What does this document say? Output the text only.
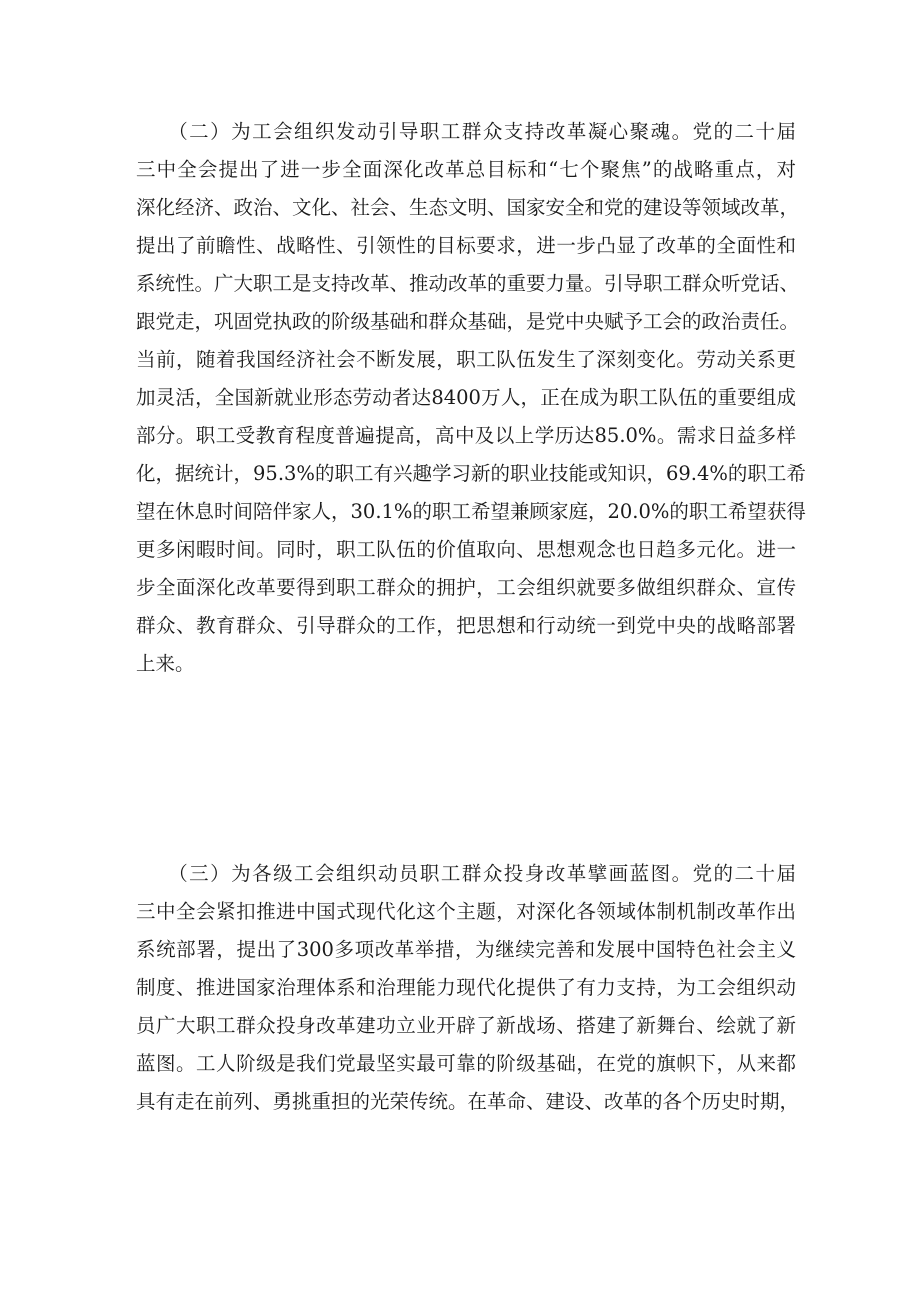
　　（二）为工会组织发动引导职工群众支持改革凝心聚魂。党的二十届
三中全会提出了进一步全面深化改革总目标和“七个聚焦”的战略重点，对
深化经济、政治、文化、社会、生态文明、国家安全和党的建设等领域改革，
提出了前瞻性、战略性、引领性的目标要求，进一步凸显了改革的全面性和
系统性。广大职工是支持改革、推动改革的重要力量。引导职工群众听党话、
跟党走，巩固党执政的阶级基础和群众基础，是党中央赋予工会的政治责任。
当前，随着我国经济社会不断发展，职工队伍发生了深刻变化。劳动关系更
加灵活，全国新就业形态劳动者达8400万人，正在成为职工队伍的重要组成
部分。职工受教育程度普遍提高，高中及以上学历达85.0%。需求日益多样
化，据统计，95.3%的职工有兴趣学习新的职业技能或知识，69.4%的职工希
望在休息时间陪伴家人，30.1%的职工希望兼顾家庭，20.0%的职工希望获得
更多闲暇时间。同时，职工队伍的价值取向、思想观念也日趋多元化。进一
步全面深化改革要得到职工群众的拥护，工会组织就要多做组织群众、宣传
群众、教育群众、引导群众的工作，把思想和行动统一到党中央的战略部署
上来。
　　（三）为各级工会组织动员职工群众投身改革擘画蓝图。党的二十届
三中全会紧扣推进中国式现代化这个主题，对深化各领域体制机制改革作出
系统部署，提出了300多项改革举措，为继续完善和发展中国特色社会主义
制度、推进国家治理体系和治理能力现代化提供了有力支持，为工会组织动
员广大职工群众投身改革建功立业开辟了新战场、搭建了新舞台、绘就了新
蓝图。工人阶级是我们党最坚实最可靠的阶级基础，在党的旗帜下，从来都
具有走在前列、勇挑重担的光荣传统。在革命、建设、改革的各个历史时期，
